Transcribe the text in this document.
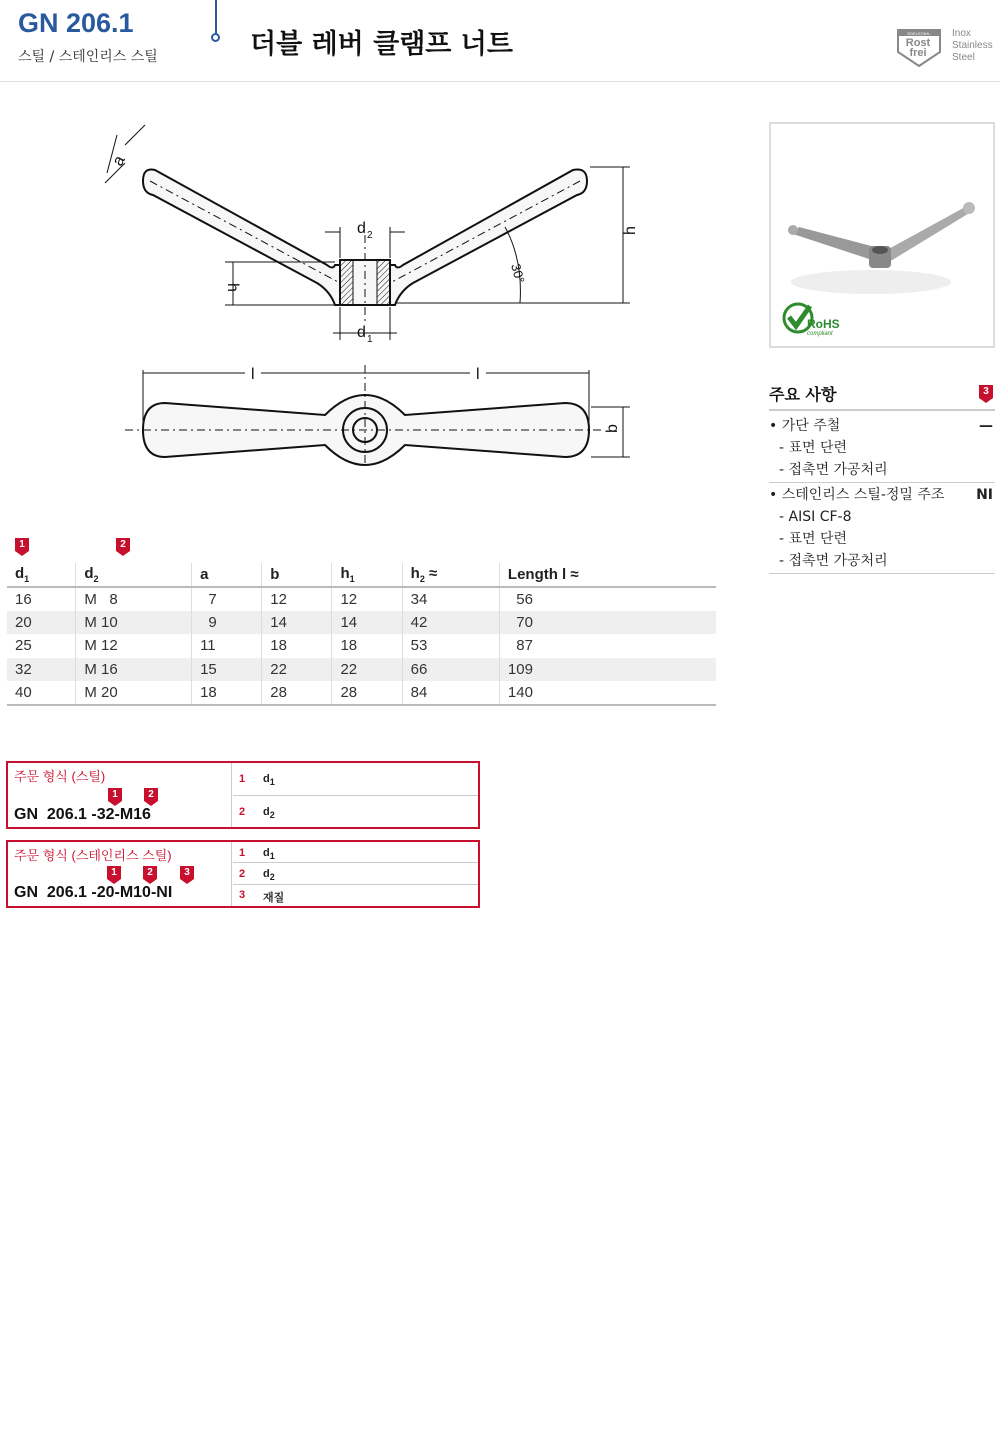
GN 206.1
스틸 / 스테인리스 스틸	더블 레버 클램프 너트	EDELSTAHL
Rost
frei
Inox
Stainless
Steel
a
d 2
h
h
30°
d 1
l	l
b
RoHS
compliant
주요 사항	3
• 가단 주철	—
- 표면 단련
- 접촉면 가공처리
• 스테인리스 스틸-정밀 주조 NI
- AISI CF-8
- 표면 단련
- 접촉면 가공처리
1	2
$d_1$	$d_2$	a	b	$h_1$	$h_2$ ≈	Length l ≈
16	M   8	7	12	12	34	56
20	M 10	9	14	14	42	70
25	M 12	11	18	18	53	87
32	M 16	15	22	22	66	109
40	M 20	18	28	28	84	140
주문 형식 (스틸)
1	2
GN  206.1 -32-M16
1 $d_1$
2 $d_2$
주문 형식 (스테인리스 스틸)
1	2	3
GN  206.1 -20-M10-NI
1 $d_1$
2 $d_2$
3 재질
